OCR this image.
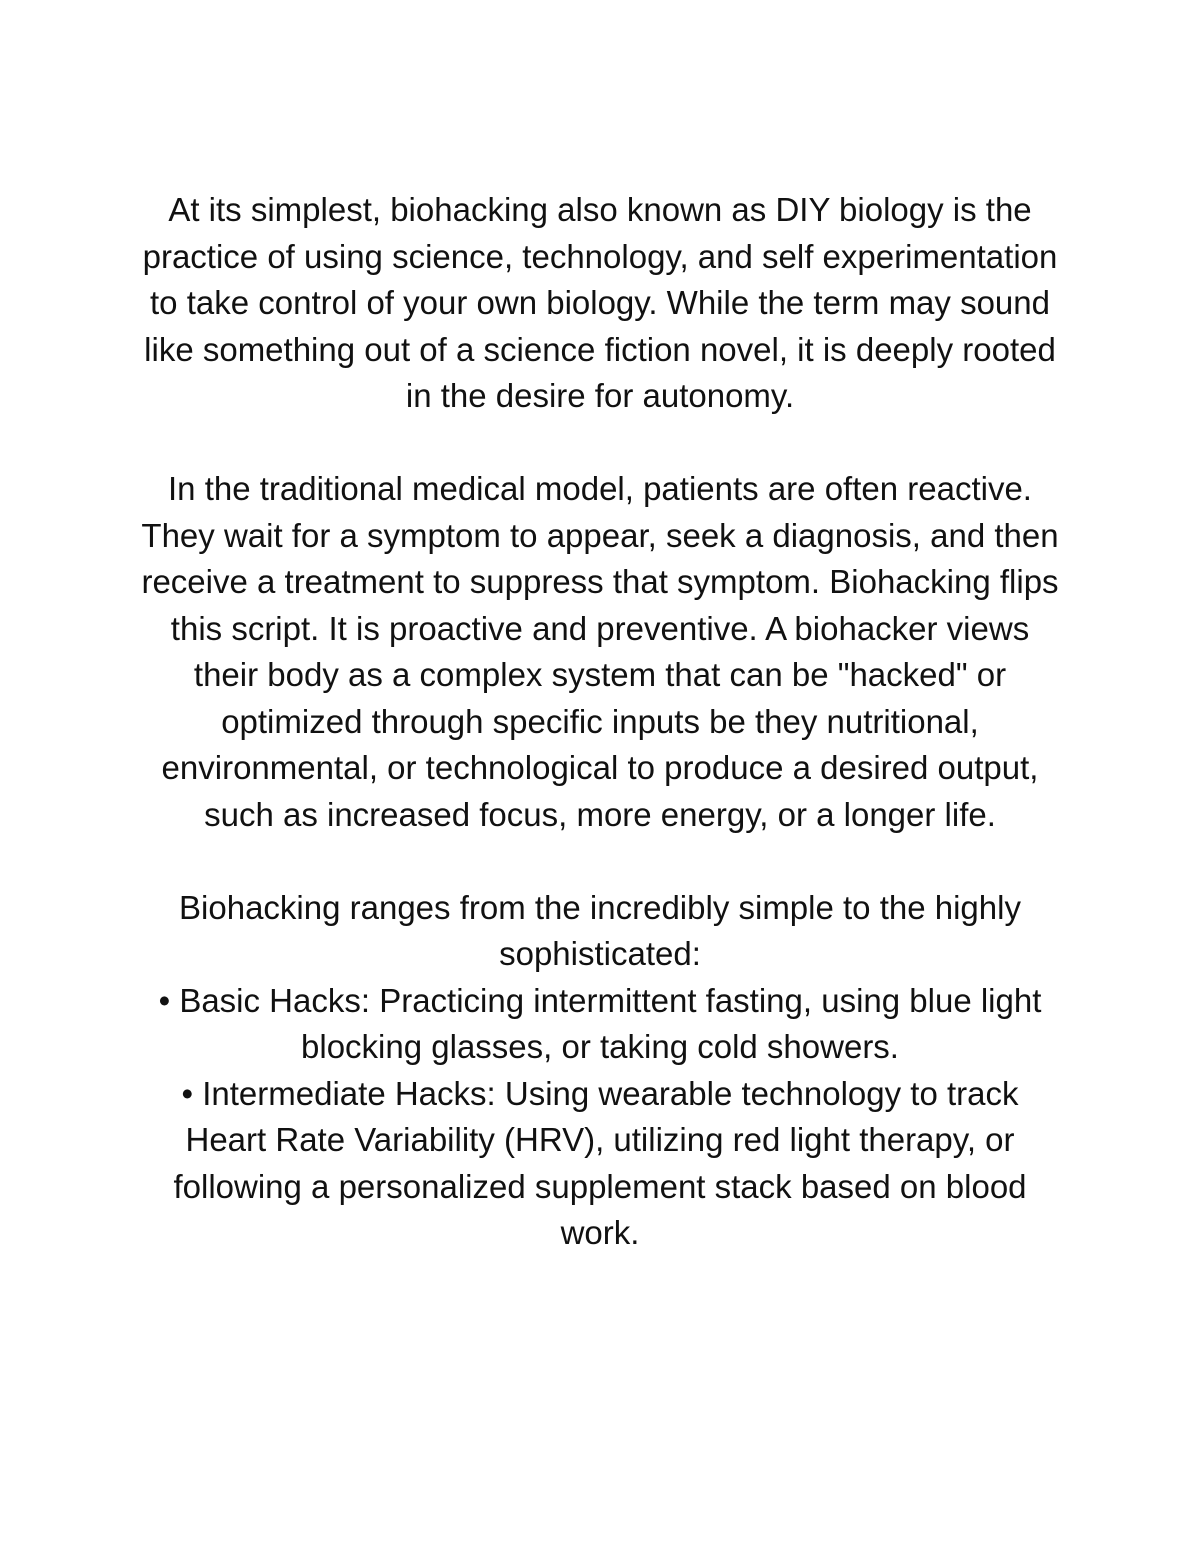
At its simplest, biohacking also known as DIY biology is the practice of using science, technology, and self experimentation to take control of your own biology. While the term may sound like something out of a science fiction novel, it is deeply rooted in the desire for autonomy.

In the traditional medical model, patients are often reactive. They wait for a symptom to appear, seek a diagnosis, and then receive a treatment to suppress that symptom. Biohacking flips this script. It is proactive and preventive. A biohacker views their body as a complex system that can be "hacked" or optimized through specific inputs be they nutritional, environmental, or technological to produce a desired output, such as increased focus, more energy, or a longer life.

Biohacking ranges from the incredibly simple to the highly sophisticated:

• Basic Hacks: Practicing intermittent fasting, using blue light blocking glasses, or taking cold showers.

• Intermediate Hacks: Using wearable technology to track Heart Rate Variability (HRV), utilizing red light therapy, or following a personalized supplement stack based on blood work.
